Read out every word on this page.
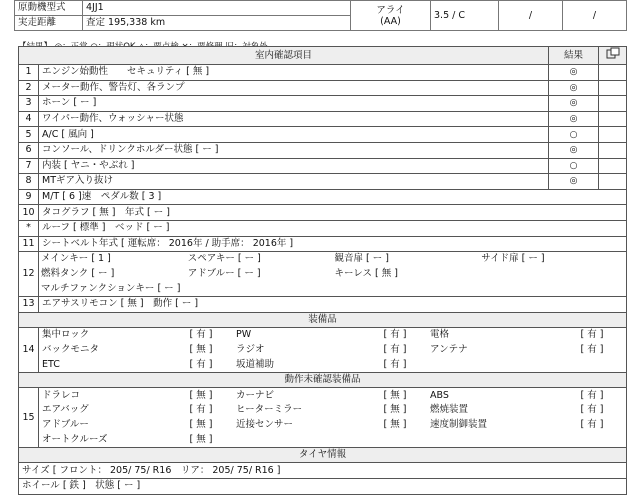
原動機型式	4JJ1	アライ
(AA)	3.5 / C	/	/
実走距離	査定 195,338 km				
室内確認項目	結果	
1	エンジン始動性　　セキュリティ [ 無 ]	◎	
2	メーター動作、警告灯、各ランプ	◎	
3	ホーン [ ー ]	◎	
4	ワイパー動作、ウォッシャー状態	◎	
5	A/C [ 風向 ]	○	
6	コンソール、ドリンクホルダー状態 [ ー ]	◎	
7	内装 [ ヤニ・やぶれ ]	○	
8	MTギア入り抜け	◎	
9	M/T [ 6 ]速　ペダル数 [ 3 ]
10	タコグラフ [ 無 ]　年式 [ ー ]
*	ルーフ [ 標準 ]　ベッド [ ー ]
11	シートベルト年式 [ 運転席： 2016年 / 助手席： 2016年 ]
12	
メインキー [ 1 ]	スペアキー [ ー ]	観音扉 [ ー ]	サイド扉 [ ー ]
燃料タンク [ ー ]	アドブルー [ ー ]	キーレス [ 無 ]	
マルチファンクションキー [ ー ]			

13	エアサスリモコン [ 無 ]　動作 [ ー ]
装備品
14	
集中ロック	[ 有 ]	PW	[ 有 ]	電格	[ 有 ]
バックモニタ	[ 無 ]	ラジオ	[ 有 ]	アンテナ	[ 有 ]
ETC	[ 有 ]	坂道補助	[ 有 ]		

動作未確認装備品
15	
ドラレコ	[ 無 ]	カーナビ	[ 無 ]	ABS	[ 有 ]
エアバッグ	[ 有 ]	ヒーターミラー	[ 無 ]	燃焼装置	[ 有 ]
アドブルー	[ 無 ]	近接センサー	[ 無 ]	速度制御装置	[ 有 ]
オートクルーズ	[ 無 ]				

タイヤ情報
サイズ [ フロント： 205/ 75/ R16　リア： 205/ 75/ R16 ]
ホイール [ 鉄 ]　状態 [ ー ]
